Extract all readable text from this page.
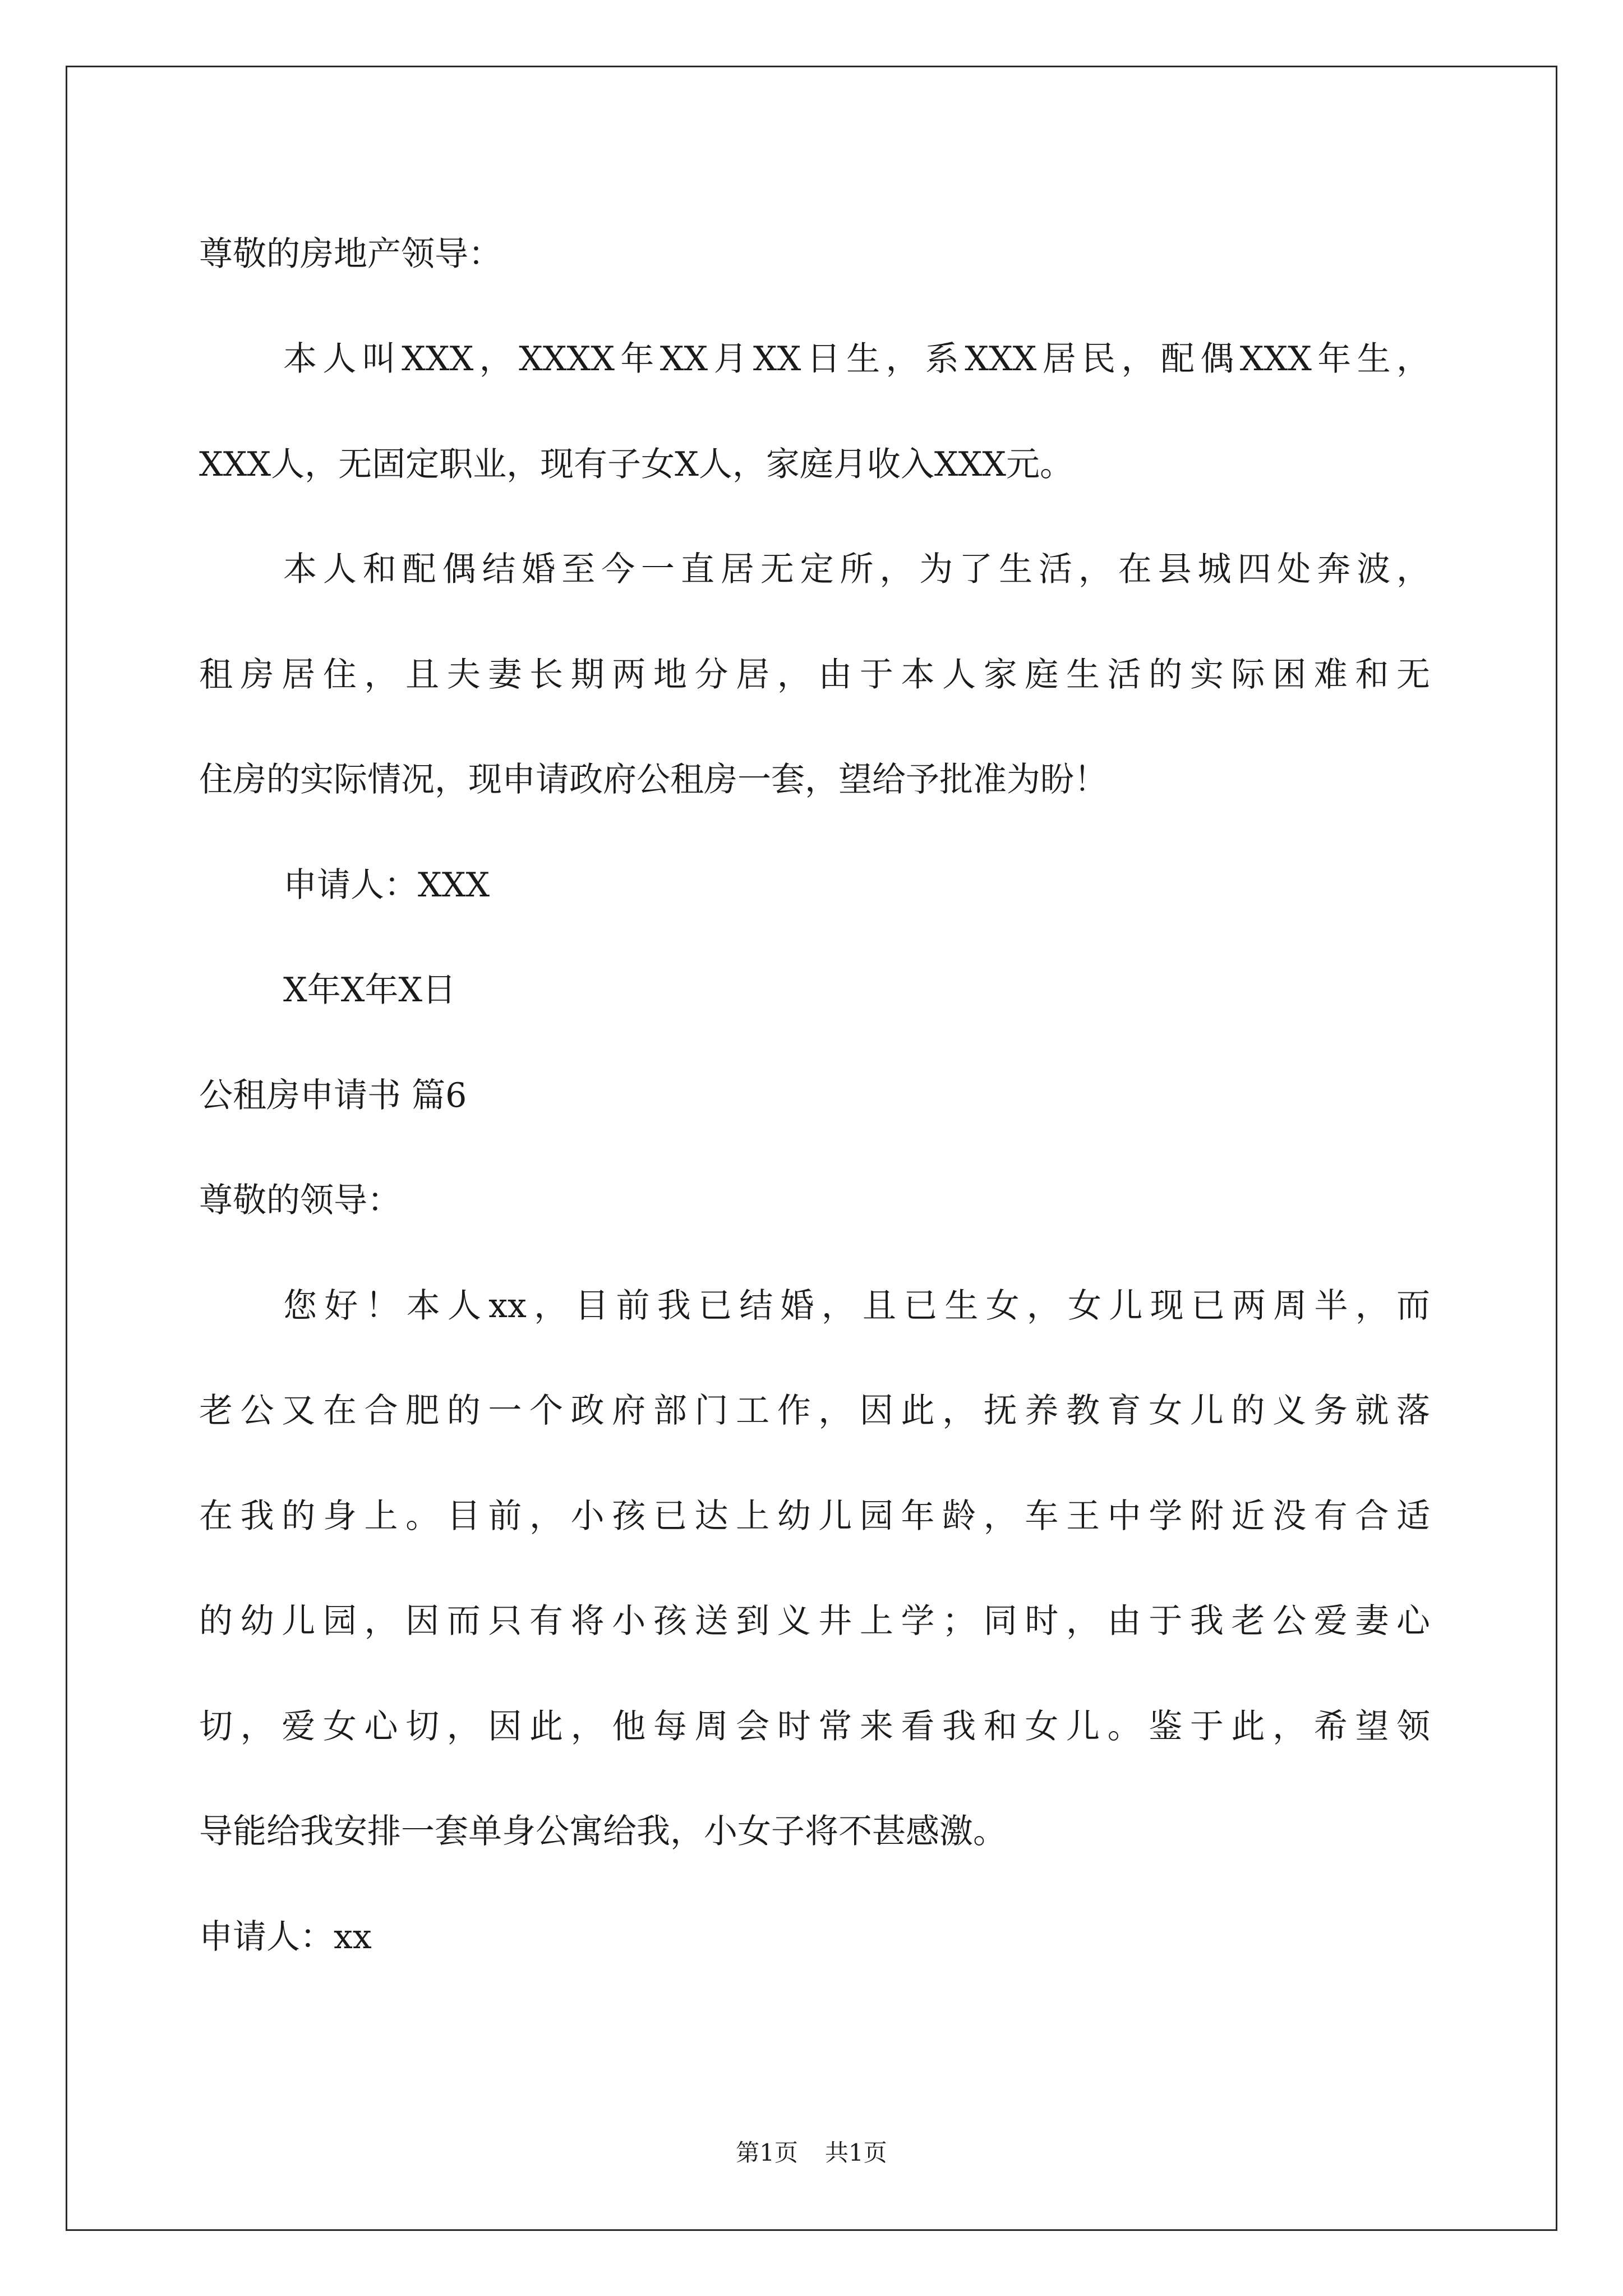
尊敬的房地产领导：
本人叫XXX，XXXX年XX月XX日生，系XXX居民，配偶XXX年生，
XXX人，无固定职业，现有子女X人，家庭月收入XXX元。
本人和配偶结婚至今一直居无定所，为了生活，在县城四处奔波，
租房居住，且夫妻长期两地分居，由于本人家庭生活的实际困难和无
住房的实际情况，现申请政府公租房一套，望给予批准为盼！
申请人：XXX
X年X年X日
公租房申请书 篇6
尊敬的领导：
您好！本人xx，目前我已结婚，且已生女，女儿现已两周半，而
老公又在合肥的一个政府部门工作，因此，抚养教育女儿的义务就落
在我的身上。目前，小孩已达上幼儿园年龄，车王中学附近没有合适
的幼儿园，因而只有将小孩送到义井上学；同时，由于我老公爱妻心
切，爱女心切，因此，他每周会时常来看我和女儿。鉴于此，希望领
导能给我安排一套单身公寓给我，小女子将不甚感激。
申请人：xx
第1页 共1页
